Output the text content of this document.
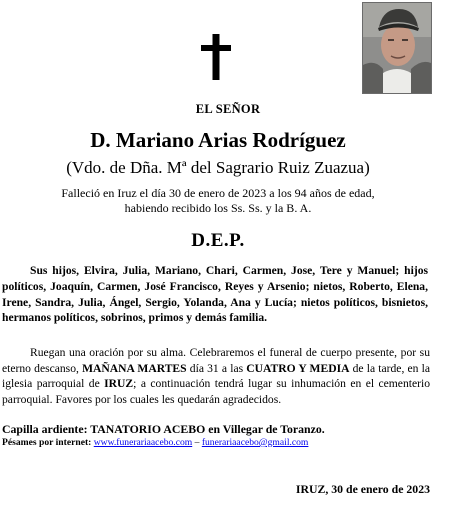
EL SEÑOR
D. Mariano Arias Rodríguez
(Vdo. de Dña. Mª del Sagrario Ruiz Zuazua)
Falleció en Iruz el día 30 de enero de 2023 a los 94 años de edad,
habiendo recibido los Ss. Ss. y la B. A.
D.E.P.
Sus hijos, Elvira, Julia, Mariano, Chari, Carmen, Jose, Tere y Manuel; hijos políticos, Joaquín, Carmen, José Francisco, Reyes y Arsenio; nietos, Roberto, Elena, Irene, Sandra, Julia, Ángel, Sergio, Yolanda, Ana y Lucía; nietos políticos, bisnietos, hermanos políticos, sobrinos, primos y demás familia.
Ruegan una oración por su alma. Celebraremos el funeral de cuerpo presente, por su eterno descanso, MAÑANA MARTES día 31 a las CUATRO Y MEDIA de la tarde, en la iglesia parroquial de IRUZ; a continuación tendrá lugar su inhumación en el cementerio parroquial. Favores por los cuales les quedarán agradecidos.
Capilla ardiente: TANATORIO ACEBO en Villegar de Toranzo.
Pésames por internet: www.funerariaacebo.com – funerariaacebo@gmail.com
IRUZ, 30 de enero de 2023
